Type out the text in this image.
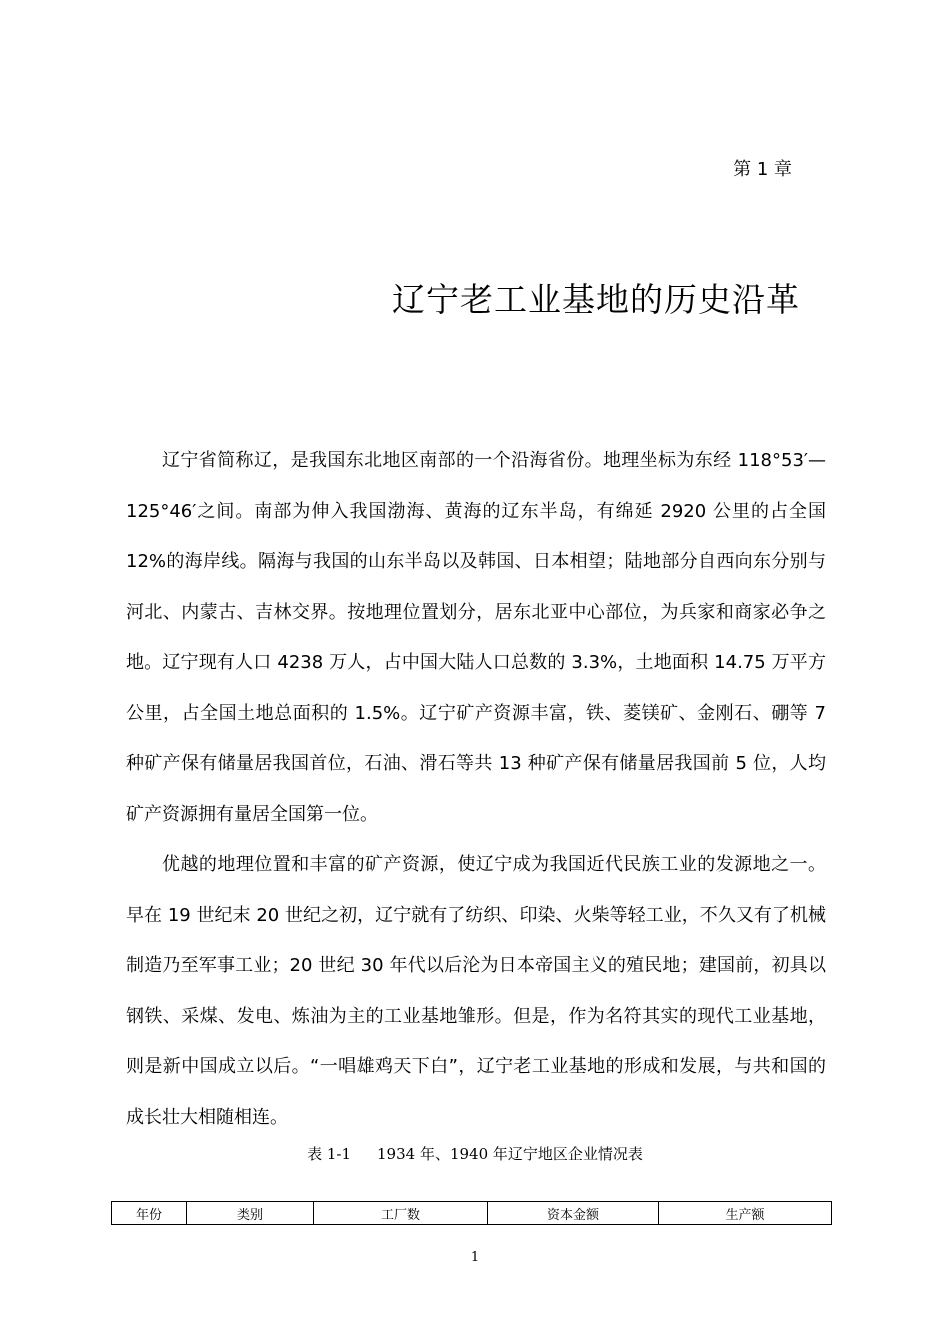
第 1 章
辽宁老工业基地的历史沿革

辽宁省简称辽，是我国东北地区南部的一个沿海省份。地理坐标为东经 118°53′—125°46′之间。南部为伸入我国渤海、黄海的辽东半岛，有绵延 2920 公里的占全国 12%的海岸线。隔海与我国的山东半岛以及韩国、日本相望；陆地部分自西向东分别与河北、内蒙古、吉林交界。按地理位置划分，居东北亚中心部位，为兵家和商家必争之地。辽宁现有人口 4238 万人，占中国大陆人口总数的 3.3%，土地面积 14.75 万平方公里，占全国土地总面积的 1.5%。辽宁矿产资源丰富，铁、菱镁矿、金刚石、硼等 7 种矿产保有储量居我国首位，石油、滑石等共 13 种矿产保有储量居我国前 5 位，人均矿产资源拥有量居全国第一位。

优越的地理位置和丰富的矿产资源，使辽宁成为我国近代民族工业的发源地之一。早在 19 世纪末 20 世纪之初，辽宁就有了纺织、印染、火柴等轻工业，不久又有了机械制造乃至军事工业；20 世纪 30 年代以后沦为日本帝国主义的殖民地；建国前，初具以钢铁、采煤、发电、炼油为主的工业基地雏形。但是，作为名符其实的现代工业基地，则是新中国成立以后。“一唱雄鸡天下白”，辽宁老工业基地的形成和发展，与共和国的成长壮大相随相连。

表 1-1 1934 年、1940 年辽宁地区企业情况表
年份	类别	工厂数	资本金额	生产额
1
